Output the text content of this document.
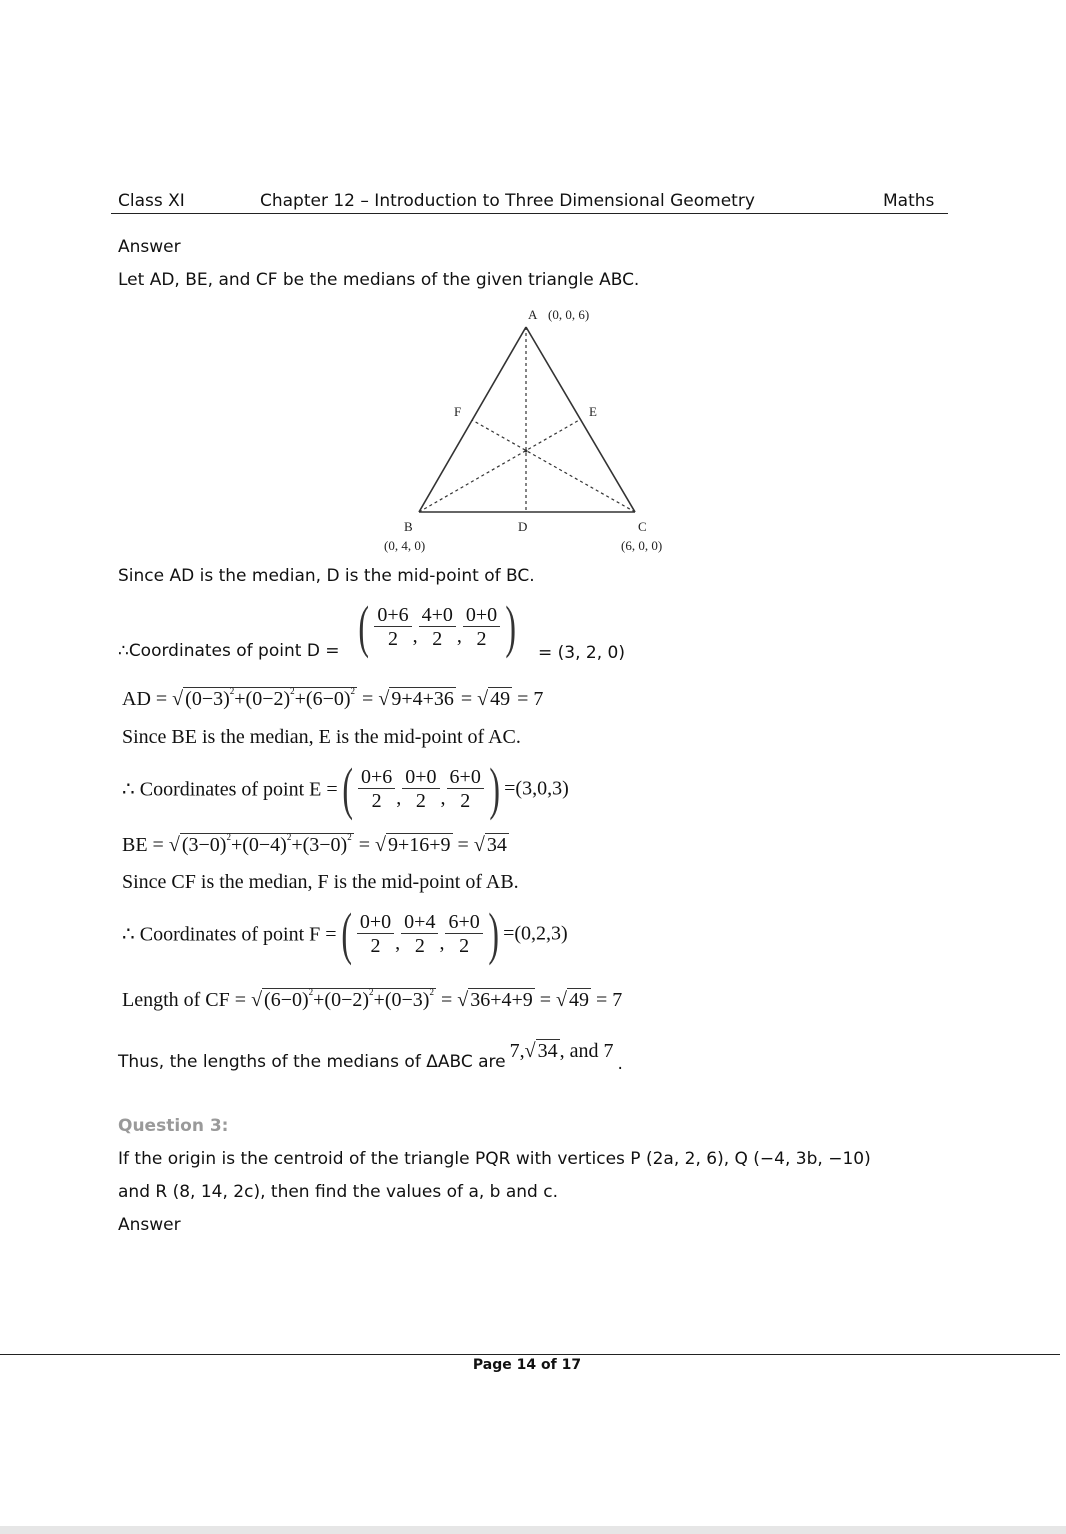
Class XI	Chapter 12 – Introduction to Three Dimensional Geometry	Maths
Answer
Let AD, BE, and CF be the medians of the given triangle ABC.
A (0, 0, 6)
F	E
B	D	C
(0, 4, 0)	(6, 0, 0)
Since AD is the median, D is the mid-point of BC.
∴Coordinates of point D = ( $\frac{0+6}{2}$ , $\frac{4+0}{2}$ , $\frac{0+0}{2}$ ) = (3, 2, 0)
AD = √ $(0-3)^2+(0-2)^2+(6-0)^2$ = √ 9+4+36 = √ 49 = 7
Since BE is the median, E is the mid-point of AC.
∴ Coordinates of point E =( $\frac{0+6}{2}$ , $\frac{0+0}{2}$ , $\frac{6+0}{2}$ ) =(3,0,3)
BE = √ $(3-0)^2+(0-4)^2+(3-0)^2$ = √ 9+16+9 = √ 34
Since CF is the median, F is the mid-point of AB.
∴ Coordinates of point F =( $\frac{0+0}{2}$ , $\frac{0+4}{2}$ , $\frac{6+0}{2}$ ) =(0,2,3)
Length of CF = √ $(6-0)^2+(0-2)^2+(0-3)^2$ = √ 36+4+9 = √ 49 = 7
Thus, the lengths of the medians of ΔABC are 7,√ 34 , and 7 .
Question 3:
If the origin is the centroid of the triangle PQR with vertices P (2a, 2, 6), Q (−4, 3b, −10)
and R (8, 14, 2c), then find the values of a, b and c.
Answer
Page 14 of 17
